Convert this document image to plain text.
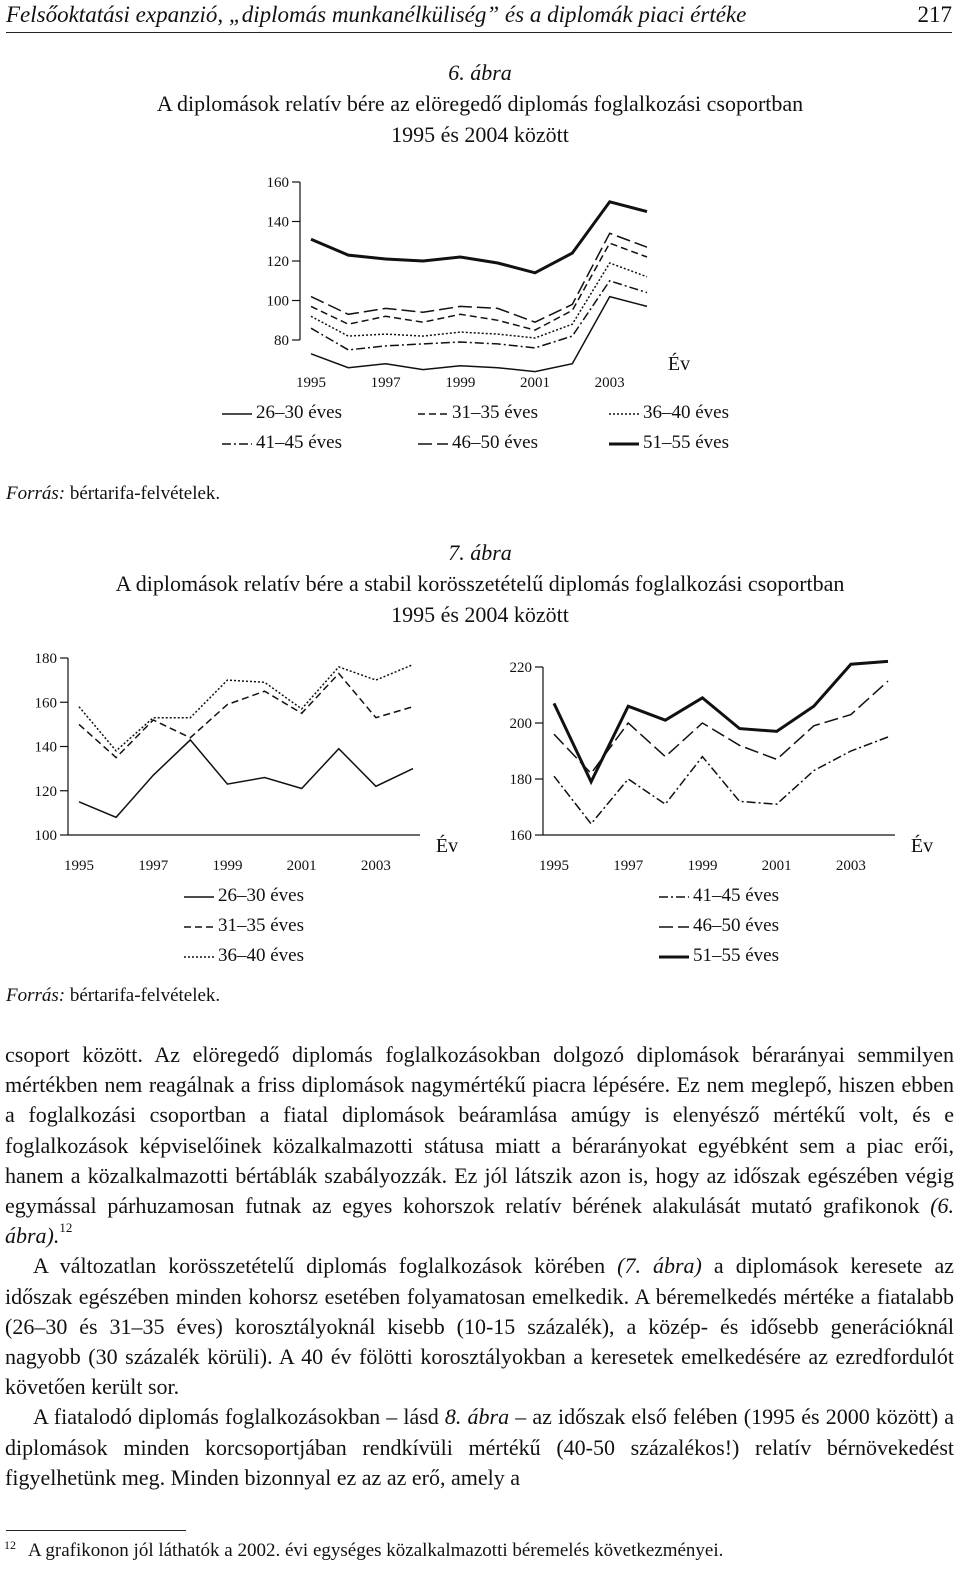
Felsőoktatási expanzió, „diplomás munkanélküliség” és a diplomák piaci értéke	217
6. ábra
A diplomások relatív bére az elöregedő diplomás foglalkozási csoportban
1995 és 2004 között
80
100
120
140
160
1995	1997	1999	2001	2003
Év
26–30 éves	31–35 éves	36–40 éves
41–45 éves	46–50 éves	51–55 éves
Forrás: bértarifa-felvételek.
7. ábra
A diplomások relatív bére a stabil korösszetételű diplomás foglalkozási csoportban
1995 és 2004 között
100
120
140
160
180
1995	1997	1999	2001	2003
Év	160
180
200
220
1995	1997	1999	2001	2003
Év
26–30 éves
31–35 éves
36–40 éves
41–45 éves
46–50 éves
51–55 éves
Forrás: bértarifa-felvételek.

csoport között. Az elöregedő diplomás foglalkozásokban dolgozó diplomások bérarányai semmilyen mértékben nem reagálnak a friss diplomások nagymértékű piacra lépésére. Ez nem meglepő, hiszen ebben a foglalkozási csoportban a fiatal diplomások beáramlása amúgy is elenyésző mértékű volt, és e foglalkozások képviselőinek közalkalmazotti státusa miatt a bérarányokat egyébként sem a piac erői, hanem a közalkalmazotti bértáblák szabályozzák. Ez jól látszik azon is, hogy az időszak egészében végig egymással párhuzamosan futnak az egyes kohorszok relatív bérének alakulását mutató grafikonok (6. ábra).$^{12}$

A változatlan korösszetételű diplomás foglalkozások körében (7. ábra) a diplomások keresete az időszak egészében minden kohorsz esetében folyamatosan emelkedik. A béremelkedés mértéke a fiatalabb (26–30 és 31–35 éves) korosztályoknál kisebb (10-15 százalék), a közép- és idősebb generációknál nagyobb (30 százalék körüli). A 40 év fölötti korosztályokban a keresetek emelkedésére az ezredfordulót követően került sor.

A fiatalodó diplomás foglalkozásokban – lásd 8. ábra – az időszak első felében (1995 és 2000 között) a diplomások minden korcsoportjában rendkívüli mértékű (40-50 százalékos!) relatív bérnövekedést figyelhetünk meg. Minden bizonnyal ez az az erő, amely a

12 A grafikonon jól láthatók a 2002. évi egységes közalkalmazotti béremelés következményei.
